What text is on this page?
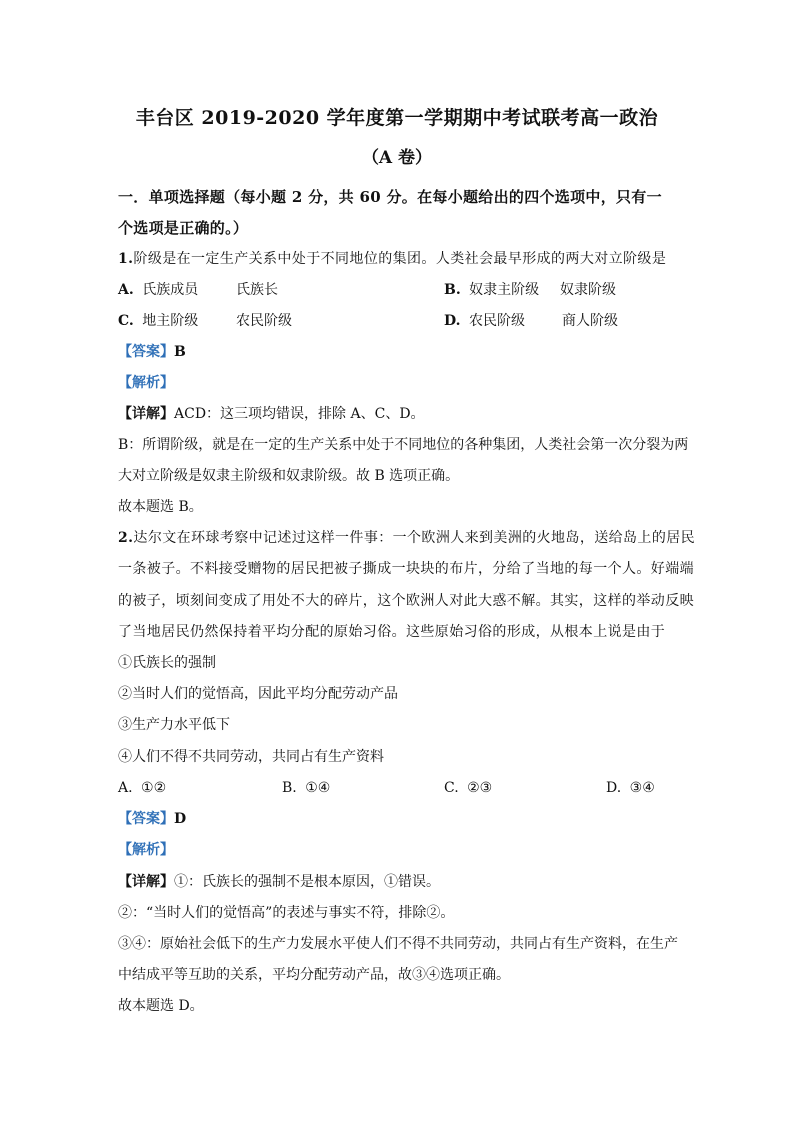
丰台区 2019-2020 学年度第一学期期中考试联考高一政治
（A 卷）
一．单项选择题（每小题 2 分，共 60 分。在每小题给出的四个选项中，只有一
个选项是正确的。）
1.阶级是在一定生产关系中处于不同地位的集团。人类社会最早形成的两大对立阶级是
A. 氏族成员	氏族长	B. 奴隶主阶级 奴隶阶级
C. 地主阶级	农民阶级	D. 农民阶级	商人阶级
【答案】B
【解析】
【详解】ACD：这三项均错误，排除 A、C、D。
B：所谓阶级，就是在一定的生产关系中处于不同地位的各种集团，人类社会第一次分裂为两
大对立阶级是奴隶主阶级和奴隶阶级。故 B 选项正确。
故本题选 B。
2.达尔文在环球考察中记述过这样一件事：一个欧洲人来到美洲的火地岛，送给岛上的居民
一条被子。不料接受赠物的居民把被子撕成一块块的布片，分给了当地的每一个人。好端端
的被子，顷刻间变成了用处不大的碎片，这个欧洲人对此大惑不解。其实，这样的举动反映
了当地居民仍然保持着平均分配的原始习俗。这些原始习俗的形成，从根本上说是由于
①氏族长的强制
②当时人们的觉悟高，因此平均分配劳动产品
③生产力水平低下
④人们不得不共同劳动，共同占有生产资料
A. ①②	B. ①④	C. ②③	D. ③④
【答案】D
【解析】
【详解】①：氏族长的强制不是根本原因，①错误。
②：“当时人们的觉悟高”的表述与事实不符，排除②。
③④：原始社会低下的生产力发展水平使人们不得不共同劳动，共同占有生产资料，在生产
中结成平等互助的关系，平均分配劳动产品，故③④选项正确。
故本题选 D。
